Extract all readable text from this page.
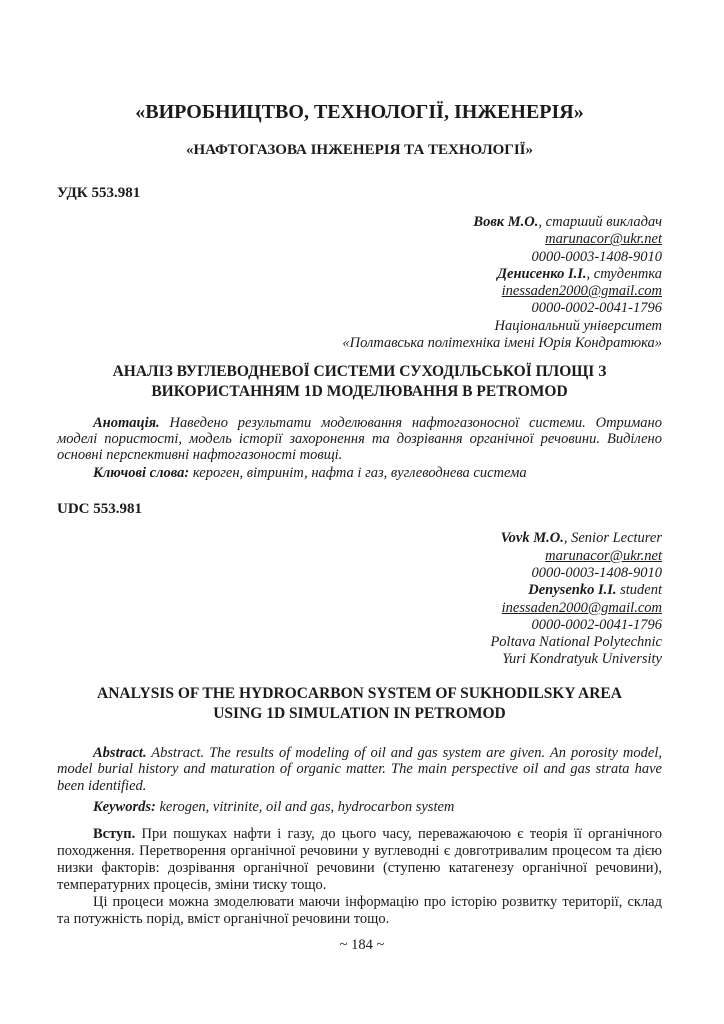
«ВИРОБНИЦТВО, ТЕХНОЛОГІЇ, ІНЖЕНЕРІЯ»
«НАФТОГАЗОВА ІНЖЕНЕРІЯ ТА ТЕХНОЛОГІЇ»
УДК 553.981
Вовк М.О., старший викладач
marunacor@ukr.net
0000-0003-1408-9010
Денисенко І.І., студентка
inessaden2000@gmail.com
0000-0002-0041-1796
Національний університет
«Полтавська політехніка імені Юрія Кондратюка»
АНАЛІЗ ВУГЛЕВОДНЕВОЇ СИСТЕМИ СУХОДІЛЬСЬКОЇ ПЛОЩІ З ВИКОРИСТАННЯМ 1D МОДЕЛЮВАННЯ В PETROMOD
Анотація. Наведено результати моделювання нафтогазоносної системи. Отримано моделі пористості, модель історії захоронення та дозрівання органічної речовини. Виділено основні перспективні нафтогазоності товщі.
Ключові слова: кероген, вітриніт, нафта і газ, вуглеводнева система
UDC 553.981
Vovk M.O., Senior Lecturer
marunacor@ukr.net
0000-0003-1408-9010
Denysenko I.I. student
inessaden2000@gmail.com
0000-0002-0041-1796
Poltava National Polytechnic
Yuri Kondratyuk University
ANALYSIS OF THE HYDROCARBON SYSTEM OF SUKHODILSKY AREA USING 1D SIMULATION IN PETROMOD
Abstract. Abstract. The results of modeling of oil and gas system are given. An porosity model, model burial history and maturation of organic matter. The main perspective oil and gas strata have been identified.
Keywords: kerogen, vitrinite, oil and gas, hydrocarbon system
Вступ. При пошуках нафти і газу, до цього часу, переважаючою є теорія її органічного походження. Перетворення органічної речовини у вуглеводні є довготривалим процесом та дією низки факторів: дозрівання органічної речовини (ступеню катагенезу органічної речовини), температурних процесів, зміни тиску тощо.
Ці процеси можна змоделювати маючи інформацію про історію розвитку території, склад та потужність порід, вміст органічної речовини тощо.
~ 184 ~
